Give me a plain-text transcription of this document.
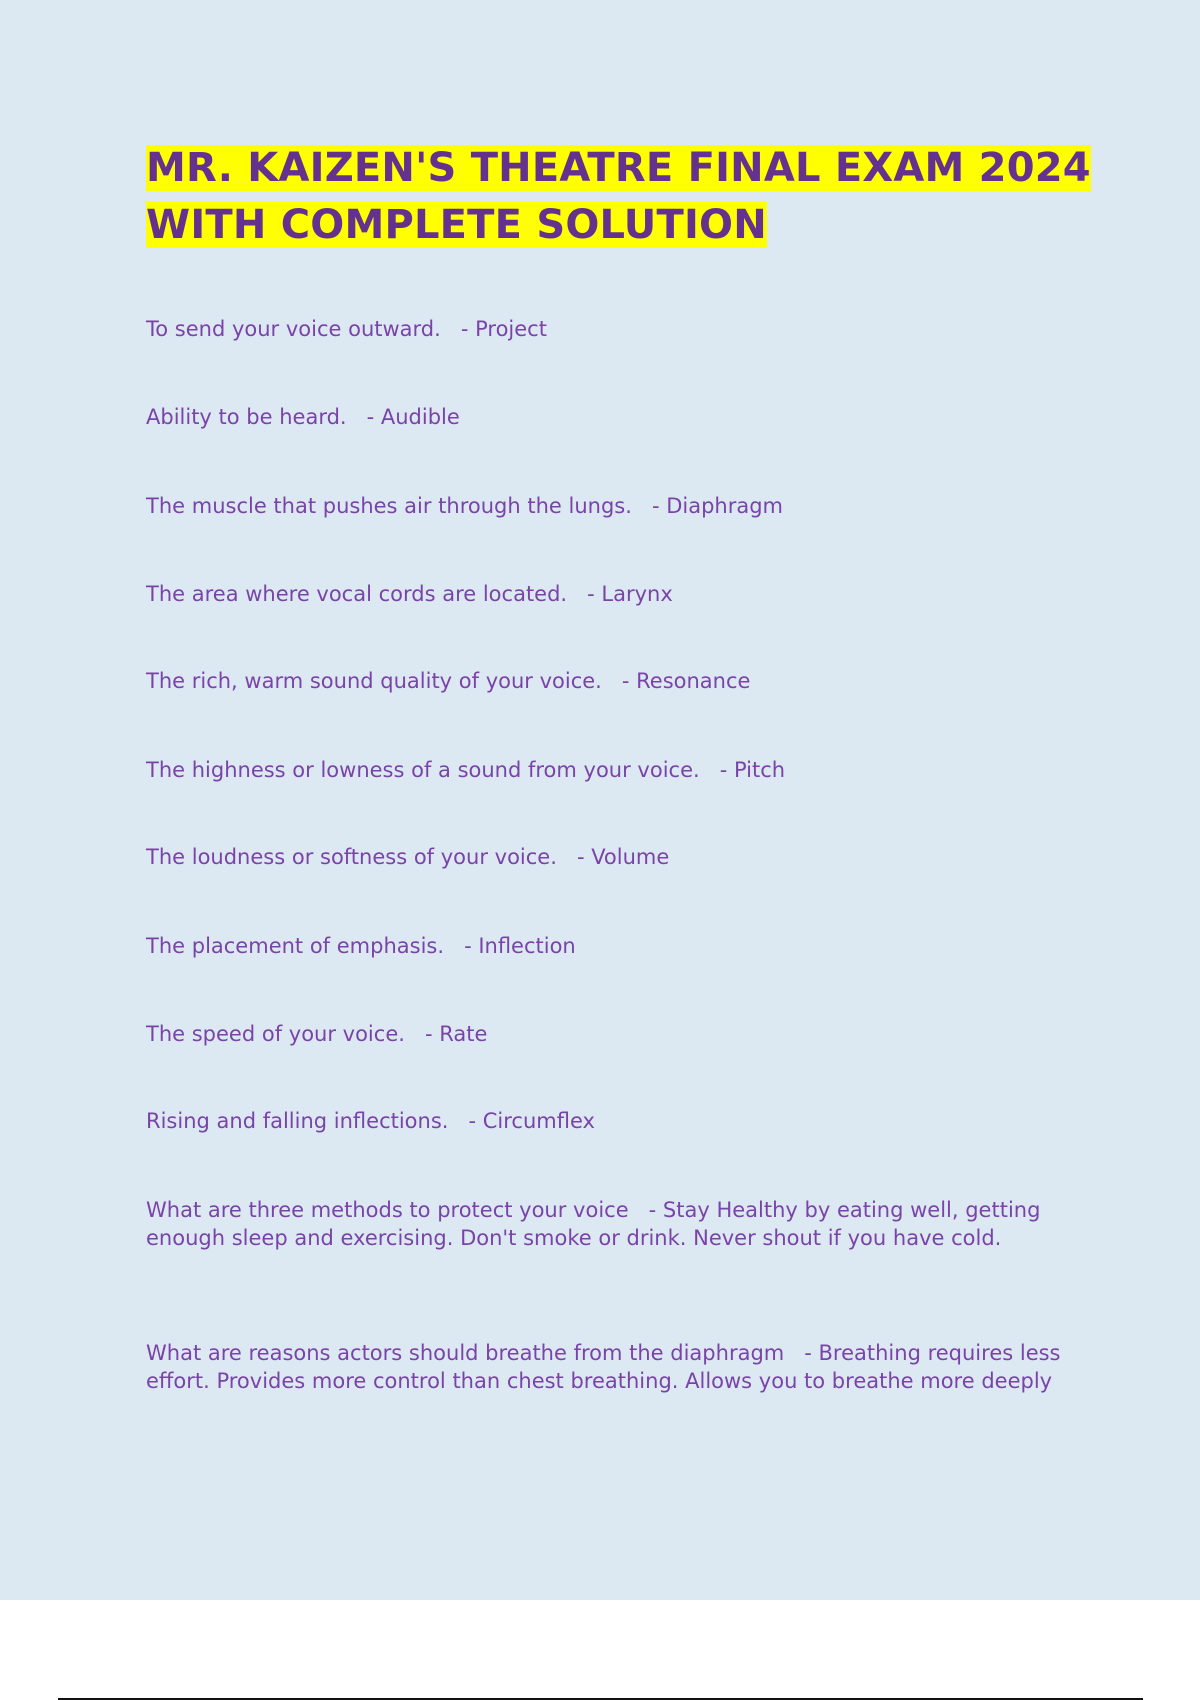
MR. KAIZEN'S THEATRE FINAL EXAM 2024 WITH COMPLETE SOLUTION

To send your voice outward. - Project

Ability to be heard. - Audible

The muscle that pushes air through the lungs. - Diaphragm

The area where vocal cords are located. - Larynx

The rich, warm sound quality of your voice. - Resonance

The highness or lowness of a sound from your voice. - Pitch

The loudness or softness of your voice. - Volume

The placement of emphasis. - Inflection

The speed of your voice. - Rate

Rising and falling inflections. - Circumflex

What are three methods to protect your voice - Stay Healthy by eating well, getting enough sleep and exercising. Don't smoke or drink. Never shout if you have cold.

What are reasons actors should breathe from the diaphragm - Breathing requires less effort. Provides more control than chest breathing. Allows you to breathe more deeply
